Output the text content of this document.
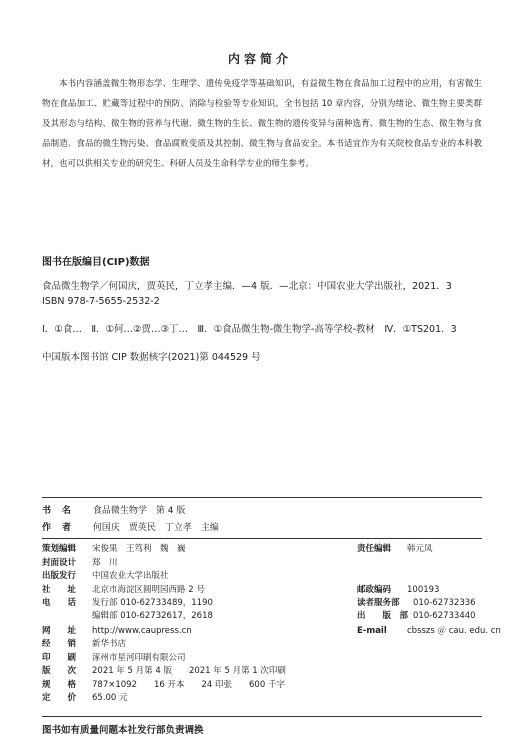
内容简介
本书内容涵盖微生物形态学、生理学、遗传免疫学等基础知识，有益微生物在食品加工过程中的应用，有害微生物在食品加工、贮藏等过程中的预防、消除与检验等专业知识。全书包括 10 章内容，分别为绪论、微生物主要类群及其形态与结构、微生物的营养与代谢、微生物的生长、微生物的遗传变异与菌种选育、微生物的生态、微生物与食品制造、食品的微生物污染、食品腐败变质及其控制、微生物与食品安全。本书适宜作为有关院校食品专业的本科教材，也可以供相关专业的研究生、科研人员及生命科学专业的师生参考。
图书在版编目(CIP)数据
食品微生物学／何国庆，贾英民，丁立孝主编．—4 版．—北京：中国农业大学出版社，2021．3
ISBN 978-7-5655-2532-2
Ⅰ．①食…　Ⅱ．①何…②贾…③丁…　Ⅲ．①食品微生物-微生物学-高等学校-教材　Ⅳ．①TS201．3
中国版本图书馆 CIP 数据核字(2021)第 044529 号
书　名 食品微生物学　第 4 版
作　者 何国庆　贾英民　丁立孝　主编
策划编辑 宋俊果　王笃利　魏　巍
封面设计 郑　川
出版发行 中国农业大学出版社
社　　址 北京市海淀区圆明园西路 2 号
电　　话 发行部 010-62733489，1190
编辑部 010-62732617，2618
网　　址 http://www.caupress.cn
经　　销 新华书店
印　　刷 涿州市星河印刷有限公司
版　　次 2021 年 5 月第 4 版　　2021 年 5 月第 1 次印刷
规　　格 787×1092　　16 开本　　24 印张　　600 千字
定　　价 65.00 元
责任编辑 韩元凤
邮政编码 100193
读者服务部 010-62732336
出　　版　部 010-62733440
E-mail cbsszs ＠ cau. edu. cn
图书如有质量问题本社发行部负责调换
